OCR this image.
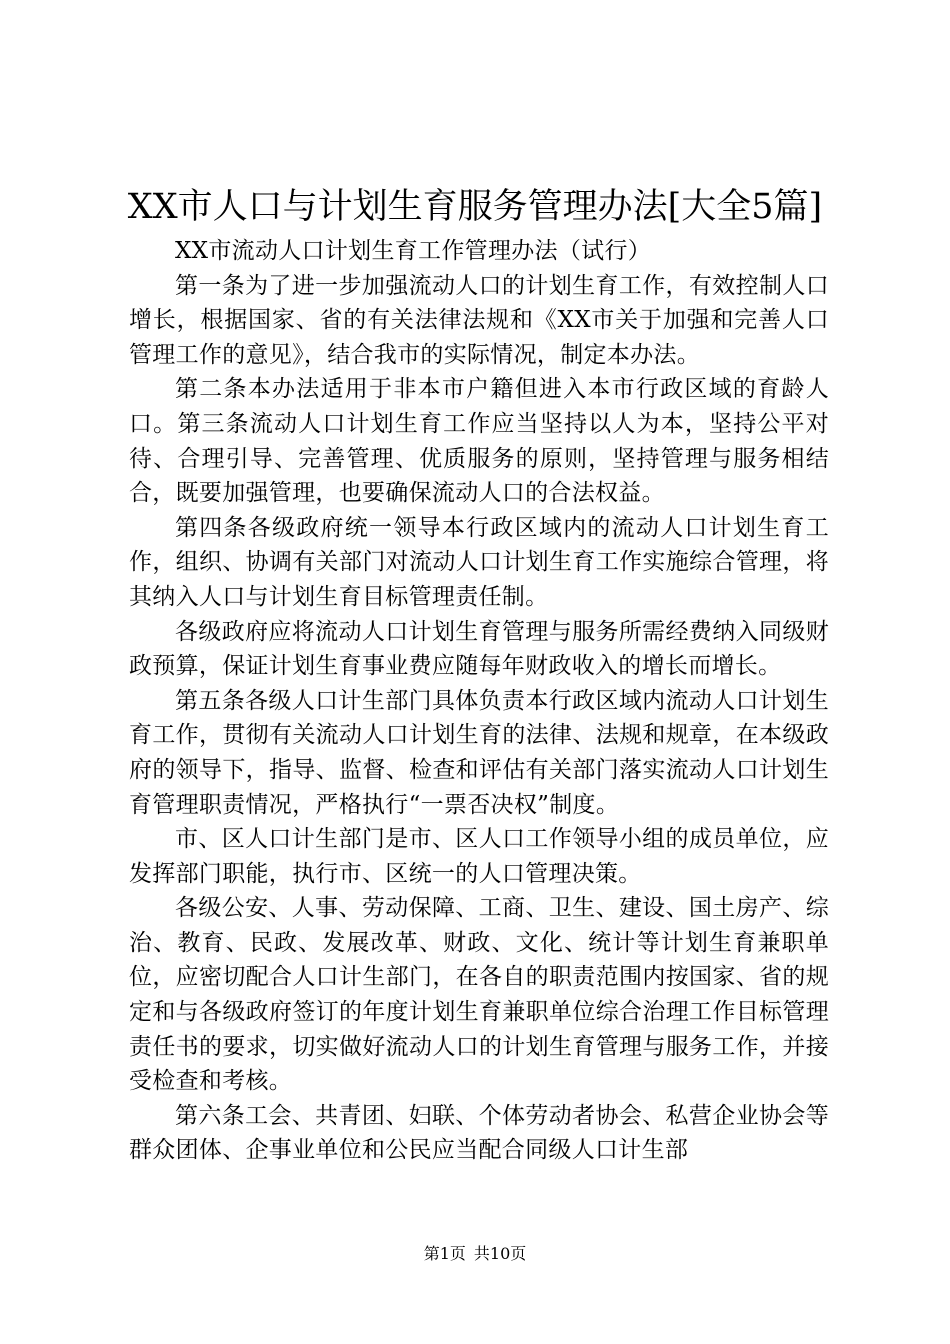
XX市人口与计划生育服务管理办法[大全5篇]

XX市流动人口计划生育工作管理办法（试行）

第一条为了进一步加强流动人口的计划生育工作，有效控制人口增长，根据国家、省的有关法律法规和《XX市关于加强和完善人口管理工作的意见》，结合我市的实际情况，制定本办法。

第二条本办法适用于非本市户籍但进入本市行政区域的育龄人口。第三条流动人口计划生育工作应当坚持以人为本，坚持公平对待、合理引导、完善管理、优质服务的原则，坚持管理与服务相结合，既要加强管理，也要确保流动人口的合法权益。

第四条各级政府统一领导本行政区域内的流动人口计划生育工作，组织、协调有关部门对流动人口计划生育工作实施综合管理，将其纳入人口与计划生育目标管理责任制。

各级政府应将流动人口计划生育管理与服务所需经费纳入同级财政预算，保证计划生育事业费应随每年财政收入的增长而增长。

第五条各级人口计生部门具体负责本行政区域内流动人口计划生育工作，贯彻有关流动人口计划生育的法律、法规和规章，在本级政府的领导下，指导、监督、检查和评估有关部门落实流动人口计划生育管理职责情况，严格执行“一票否决权”制度。

市、区人口计生部门是市、区人口工作领导小组的成员单位，应发挥部门职能，执行市、区统一的人口管理决策。

各级公安、人事、劳动保障、工商、卫生、建设、国土房产、综治、教育、民政、发展改革、财政、文化、统计等计划生育兼职单位，应密切配合人口计生部门，在各自的职责范围内按国家、省的规定和与各级政府签订的年度计划生育兼职单位综合治理工作目标管理责任书的要求，切实做好流动人口的计划生育管理与服务工作，并接受检查和考核。

第六条工会、共青团、妇联、个体劳动者协会、私营企业协会等群众团体、企事业单位和公民应当配合同级人口计生部

第1页 共10页
